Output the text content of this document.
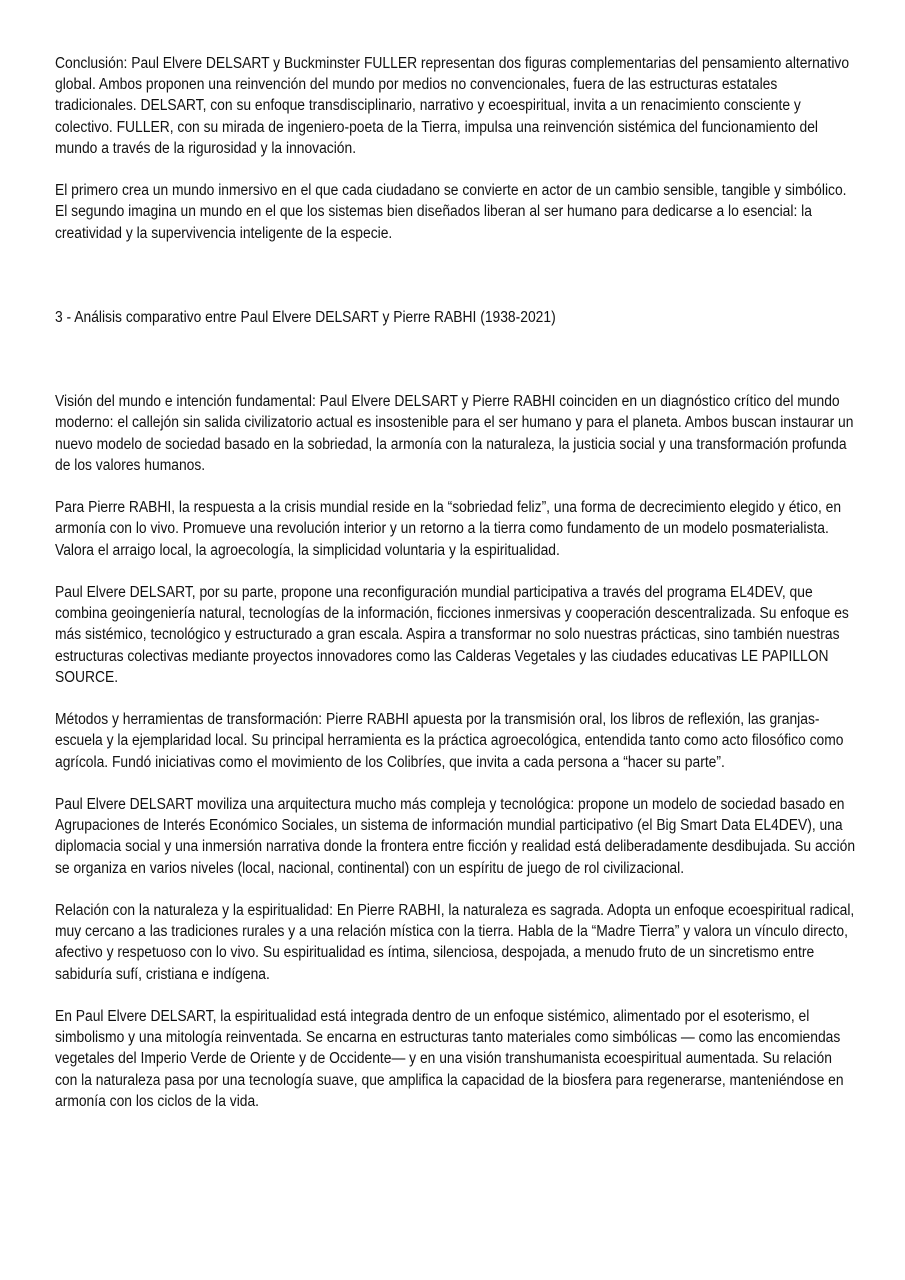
Conclusión: Paul Elvere DELSART y Buckminster FULLER representan dos figuras complementarias del pensamiento alternativo global. Ambos proponen una reinvención del mundo por medios no convencionales, fuera de las estructuras estatales tradicionales. DELSART, con su enfoque transdisciplinario, narrativo y ecoespiritual, invita a un renacimiento consciente y colectivo. FULLER, con su mirada de ingeniero-poeta de la Tierra, impulsa una reinvención sistémica del funcionamiento del mundo a través de la rigurosidad y la innovación.

El primero crea un mundo inmersivo en el que cada ciudadano se convierte en actor de un cambio sensible, tangible y simbólico. El segundo imagina un mundo en el que los sistemas bien diseñados liberan al ser humano para dedicarse a lo esencial: la creatividad y la supervivencia inteligente de la especie.

3 - Análisis comparativo entre Paul Elvere DELSART y Pierre RABHI (1938-2021)

Visión del mundo e intención fundamental: Paul Elvere DELSART y Pierre RABHI coinciden en un diagnóstico crítico del mundo moderno: el callejón sin salida civilizatorio actual es insostenible para el ser humano y para el planeta. Ambos buscan instaurar un nuevo modelo de sociedad basado en la sobriedad, la armonía con la naturaleza, la justicia social y una transformación profunda de los valores humanos.

Para Pierre RABHI, la respuesta a la crisis mundial reside en la “sobriedad feliz”, una forma de decrecimiento elegido y ético, en armonía con lo vivo. Promueve una revolución interior y un retorno a la tierra como fundamento de un modelo posmaterialista. Valora el arraigo local, la agroecología, la simplicidad voluntaria y la espiritualidad.

Paul Elvere DELSART, por su parte, propone una reconfiguración mundial participativa a través del programa EL4DEV, que combina geoingeniería natural, tecnologías de la información, ficciones inmersivas y cooperación descentralizada. Su enfoque es más sistémico, tecnológico y estructurado a gran escala. Aspira a transformar no solo nuestras prácticas, sino también nuestras estructuras colectivas mediante proyectos innovadores como las Calderas Vegetales y las ciudades educativas LE PAPILLON SOURCE.

Métodos y herramientas de transformación: Pierre RABHI apuesta por la transmisión oral, los libros de reflexión, las granjas-escuela y la ejemplaridad local. Su principal herramienta es la práctica agroecológica, entendida tanto como acto filosófico como agrícola. Fundó iniciativas como el movimiento de los Colibríes, que invita a cada persona a “hacer su parte”.

Paul Elvere DELSART moviliza una arquitectura mucho más compleja y tecnológica: propone un modelo de sociedad basado en Agrupaciones de Interés Económico Sociales, un sistema de información mundial participativo (el Big Smart Data EL4DEV), una diplomacia social y una inmersión narrativa donde la frontera entre ficción y realidad está deliberadamente desdibujada. Su acción se organiza en varios niveles (local, nacional, continental) con un espíritu de juego de rol civilizacional.

Relación con la naturaleza y la espiritualidad: En Pierre RABHI, la naturaleza es sagrada. Adopta un enfoque ecoespiritual radical, muy cercano a las tradiciones rurales y a una relación mística con la tierra. Habla de la “Madre Tierra” y valora un vínculo directo, afectivo y respetuoso con lo vivo. Su espiritualidad es íntima, silenciosa, despojada, a menudo fruto de un sincretismo entre sabiduría sufí, cristiana e indígena.

En Paul Elvere DELSART, la espiritualidad está integrada dentro de un enfoque sistémico, alimentado por el esoterismo, el simbolismo y una mitología reinventada. Se encarna en estructuras tanto materiales como simbólicas — como las encomiendas vegetales del Imperio Verde de Oriente y de Occidente— y en una visión transhumanista ecoespiritual aumentada. Su relación con la naturaleza pasa por una tecnología suave, que amplifica la capacidad de la biosfera para regenerarse, manteniéndose en armonía con los ciclos de la vida.
